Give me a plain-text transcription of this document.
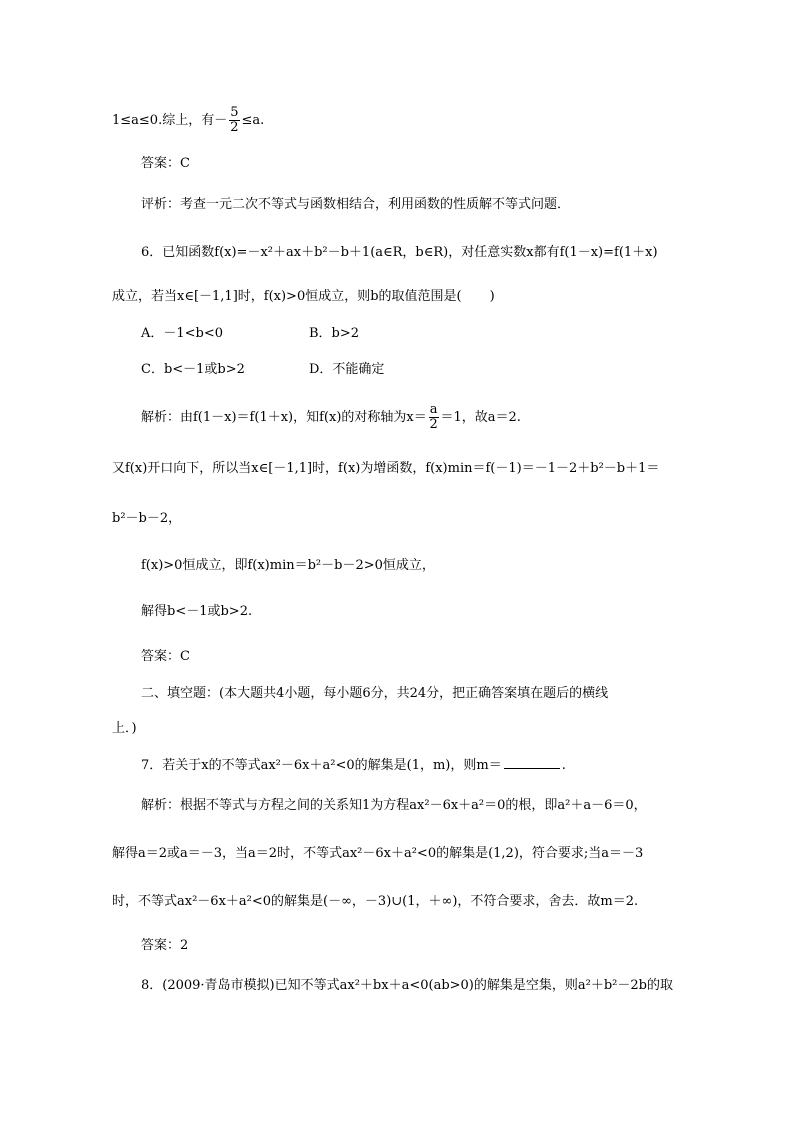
1≤a≤0.综上，有－ $\frac{5}{2} \le a$.
答案：C
评析：考查一元二次不等式与函数相结合，利用函数的性质解不等式问题．
6．已知函数f(x)=－x²＋ax＋b²－b＋1(a∈R，b∈R)，对任意实数x都有f(1－x)=f(1＋x)
成立，若当x∈[－1,1]时，f(x)>0恒成立，则b的取值范围是( )
A．－1<b<0	B．b>2
C．b<－1或b>2	D．不能确定
解析：由f(1－x)＝f(1＋x)，知f(x)的对称轴为$x= \frac{a}{2} =1$，故a＝2.
又f(x)开口向下，所以当x∈[－1,1]时，f(x)为增函数，f(x)min＝f(－1)＝－1－2＋b²－b＋1＝
b²－b－2，
f(x)>0恒成立，即f(x)min＝b²－b－2>0恒成立，
解得b<－1或b>2.
答案：C
二、填空题：(本大题共4小题，每小题6分，共24分，把正确答案填在题后的横线
上．)
7．若关于x的不等式ax²－6x＋a²<0的解集是(1，m)，则m＝	.
解析：根据不等式与方程之间的关系知1为方程ax²－6x＋a²＝0的根，即a²＋a－6＝0，
解得a＝2或a＝－3，当a＝2时，不等式ax²－6x＋a²<0的解集是(1,2)，符合要求;当a＝－3
时，不等式ax²－6x＋a²<0的解集是(－∞，－3)∪(1，＋∞)，不符合要求，舍去．故m＝2.
答案：2
8．(2009·青岛市模拟)已知不等式ax²＋bx＋a<0(ab>0)的解集是空集，则a²＋b²－2b的取
